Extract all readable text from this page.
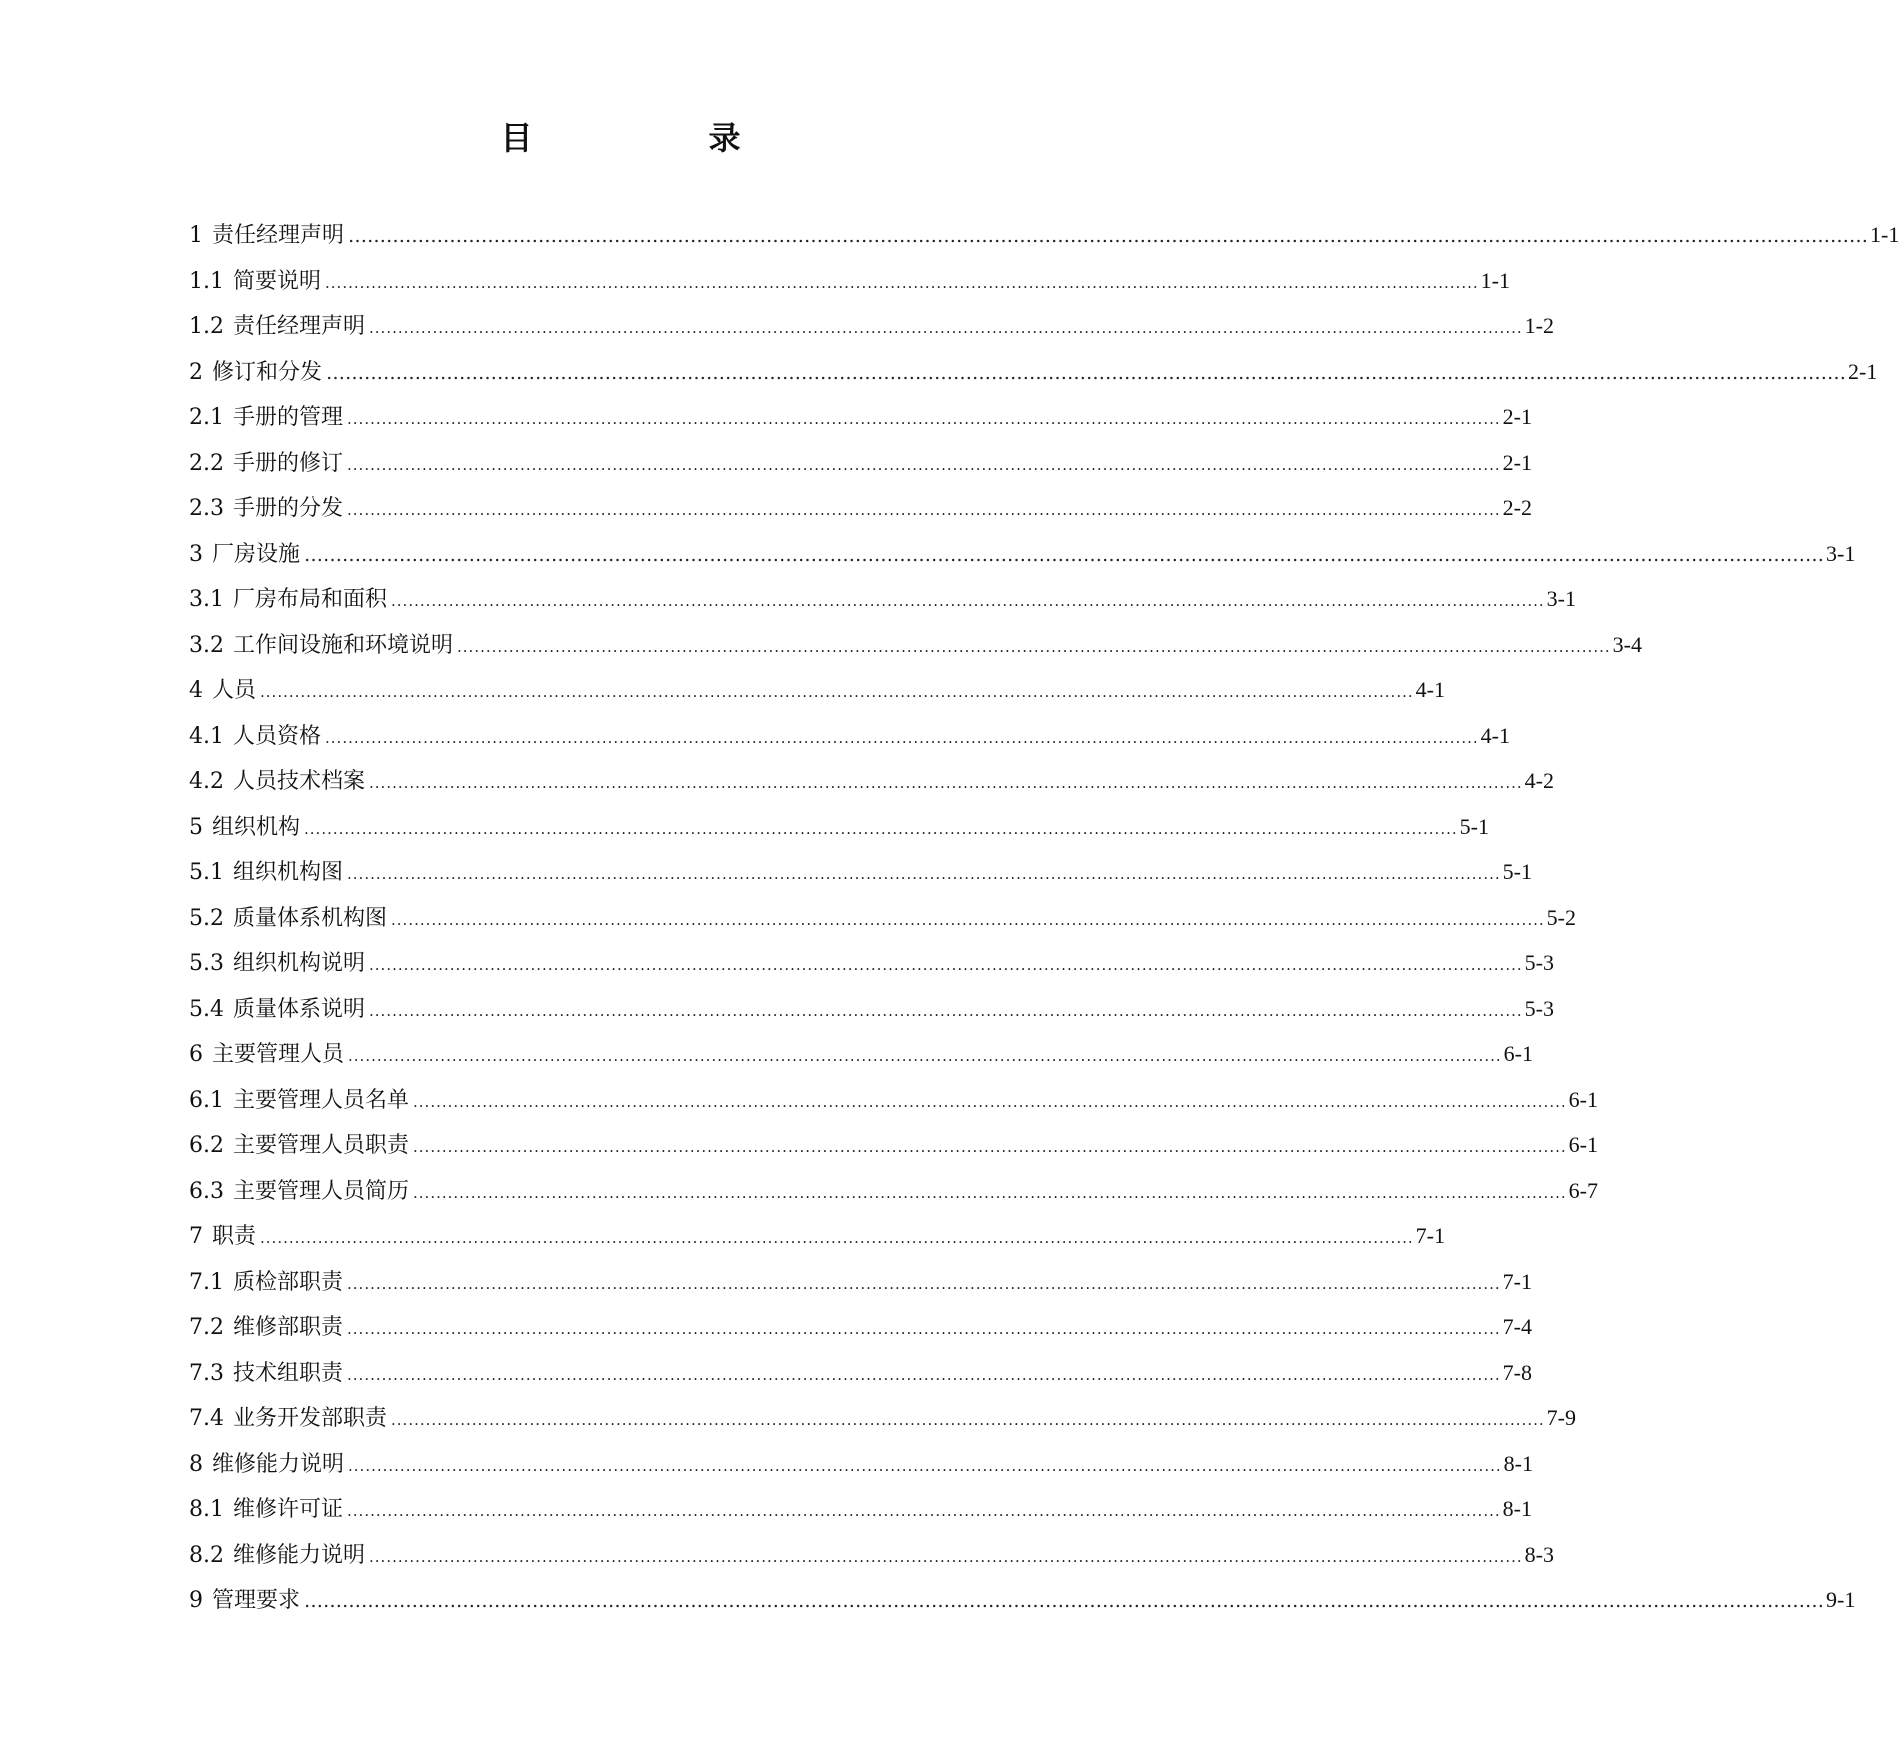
目　录
1 责任经理声明 …………………………………………………………………………………………………………………………………………………………………………………………………………………… 1-1
1.1 简要说明 ........................................................................................................................................................................................................ 1-1
1.2 责任经理声明 ........................................................................................................................................................................................................ 1-2
2 修订和分发 …………………………………………………………………………………………………………………………………………………………………………………………………………………… 2-1
2.1 手册的管理 ........................................................................................................................................................................................................ 2-1
2.2 手册的修订 ........................................................................................................................................................................................................ 2-1
2.3 手册的分发 ........................................................................................................................................................................................................ 2-2
3 厂房设施 …………………………………………………………………………………………………………………………………………………………………………………………………………………… 3-1
3.1 厂房布局和面积 ........................................................................................................................................................................................................ 3-1
3.2 工作间设施和环境说明 ........................................................................................................................................................................................................ 3-4
4 人员 ........................................................................................................................................................................................................ 4-1
4.1 人员资格 ........................................................................................................................................................................................................ 4-1
4.2 人员技术档案 ........................................................................................................................................................................................................ 4-2
5 组织机构 ........................................................................................................................................................................................................ 5-1
5.1 组织机构图 ........................................................................................................................................................................................................ 5-1
5.2 质量体系机构图 ........................................................................................................................................................................................................ 5-2
5.3 组织机构说明 ........................................................................................................................................................................................................ 5-3
5.4 质量体系说明 ........................................................................................................................................................................................................ 5-3
6 主要管理人员 ........................................................................................................................................................................................................ 6-1
6.1 主要管理人员名单 ........................................................................................................................................................................................................ 6-1
6.2 主要管理人员职责 ........................................................................................................................................................................................................ 6-1
6.3 主要管理人员简历 ........................................................................................................................................................................................................ 6-7
7 职责 ........................................................................................................................................................................................................ 7-1
7.1 质检部职责 ........................................................................................................................................................................................................ 7-1
7.2 维修部职责 ........................................................................................................................................................................................................ 7-4
7.3 技术组职责 ........................................................................................................................................................................................................ 7-8
7.4 业务开发部职责 ........................................................................................................................................................................................................ 7-9
8 维修能力说明 ........................................................................................................................................................................................................ 8-1
8.1 维修许可证 ........................................................................................................................................................................................................ 8-1
8.2 维修能力说明 ........................................................................................................................................................................................................ 8-3
9 管理要求 …………………………………………………………………………………………………………………………………………………………………………………………………………………… 9-1
